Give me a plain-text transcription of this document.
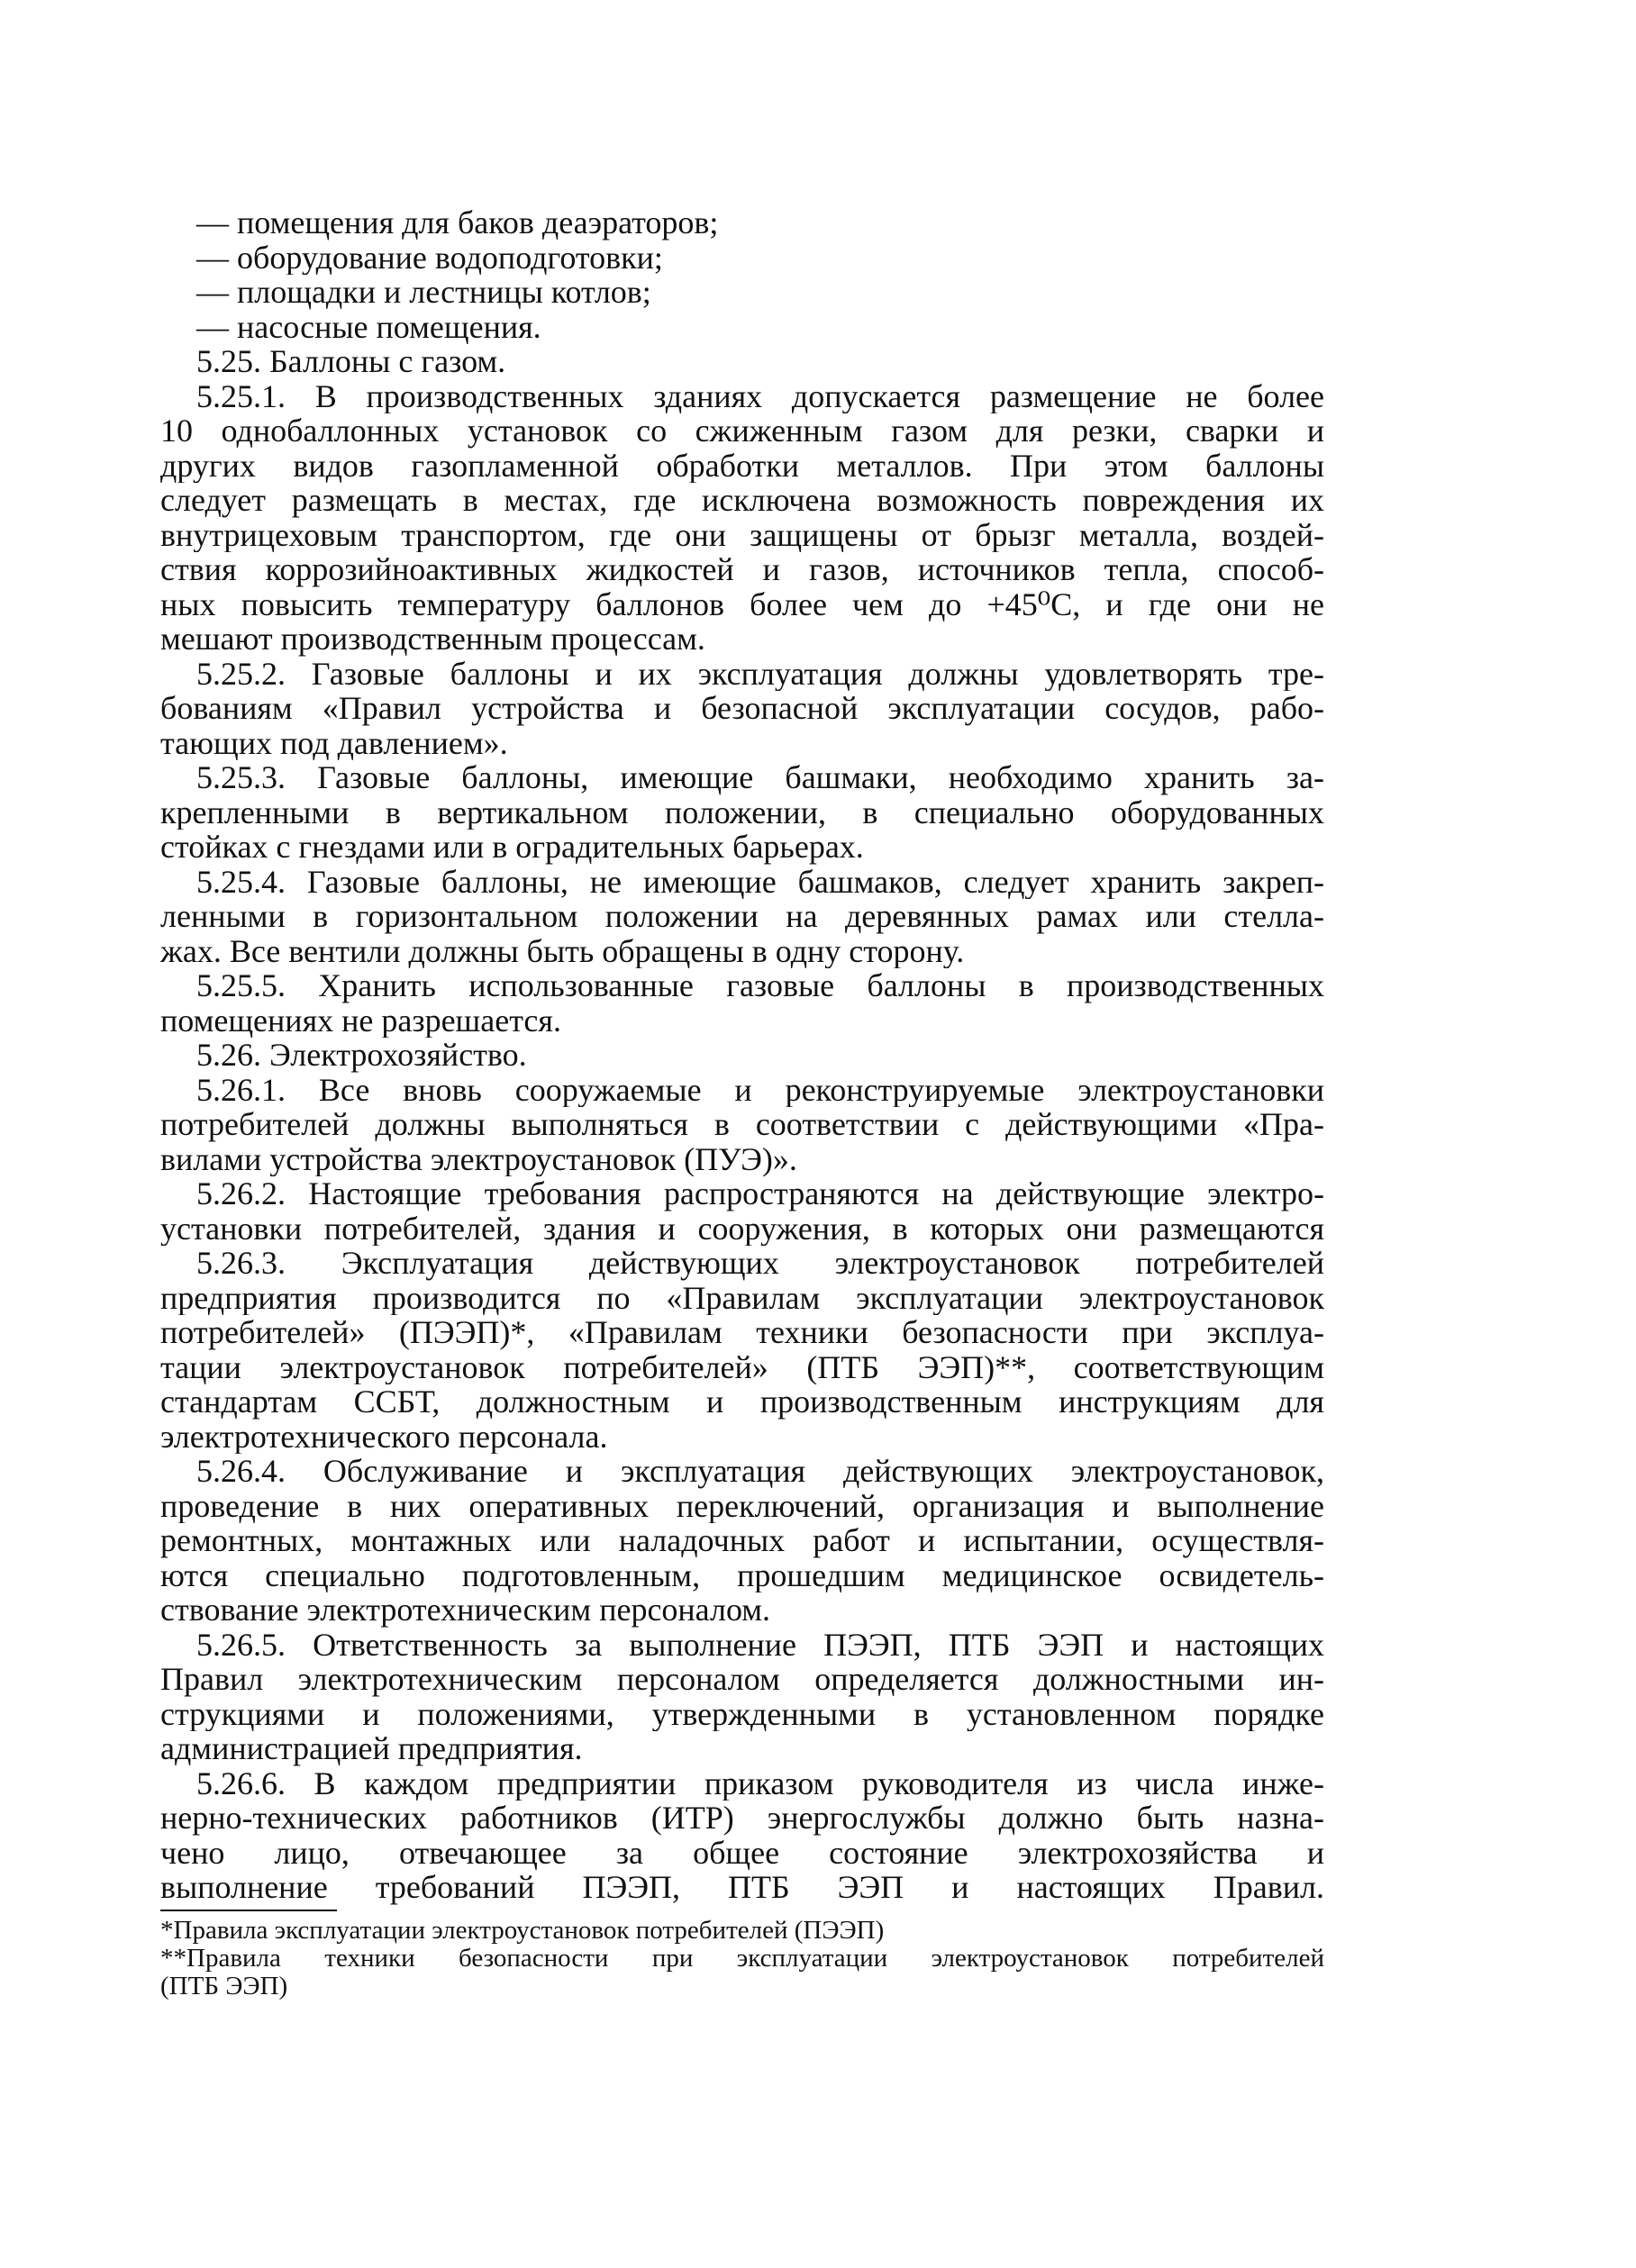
— помещения для баков деаэраторов;
— оборудование водоподготовки;
— площадки и лестницы котлов;
— насосные помещения.
5.25. Баллоны с газом.
5.25.1. В производственных зданиях допускается размещение не более
10 однобаллонных установок со сжиженным газом для резки, сварки и
других видов газопламенной обработки металлов. При этом баллоны
следует размещать в местах, где исключена возможность повреждения их
внутрицеховым транспортом, где они защищены от брызг металла, воздей-
ствия коррозийноактивных жидкостей и газов, источников тепла, способ-
ных повысить температуру баллонов более чем до +45⁰С, и где они не
мешают производственным процессам.
5.25.2. Газовые баллоны и их эксплуатация должны удовлетворять тре-
бованиям «Правил устройства и безопасной эксплуатации сосудов, рабо-
тающих под давлением».
5.25.3. Газовые баллоны, имеющие башмаки, необходимо хранить за-
крепленными в вертикальном положении, в специально оборудованных
стойках с гнездами или в оградительных барьерах.
5.25.4. Газовые баллоны, не имеющие башмаков, следует хранить закреп-
ленными в горизонтальном положении на деревянных рамах или стелла-
жах. Все вентили должны быть обращены в одну сторону.
5.25.5. Хранить использованные газовые баллоны в производственных
помещениях не разрешается.
5.26. Электрохозяйство.
5.26.1. Все вновь сооружаемые и реконструируемые электроустановки
потребителей должны выполняться в соответствии с действующими «Пра-
вилами устройства электроустановок (ПУЭ)».
5.26.2. Настоящие требования распространяются на действующие электро-
установки потребителей, здания и сооружения, в которых они размещаются
5.26.3. Эксплуатация действующих электроустановок потребителей
предприятия производится по «Правилам эксплуатации электроустановок
потребителей» (ПЭЭП)*, «Правилам техники безопасности при эксплуа-
тации электроустановок потребителей» (ПТБ ЭЭП)**, соответствующим
стандартам ССБТ, должностным и производственным инструкциям для
электротехнического персонала.
5.26.4. Обслуживание и эксплуатация действующих электроустановок,
проведение в них оперативных переключений, организация и выполнение
ремонтных, монтажных или наладочных работ и испытании, осуществля-
ются специально подготовленным, прошедшим медицинское освидетель-
ствование электротехническим персоналом.
5.26.5. Ответственность за выполнение ПЭЭП, ПТБ ЭЭП и настоящих
Правил электротехническим персоналом определяется должностными ин-
струкциями и положениями, утвержденными в установленном порядке
администрацией предприятия.
5.26.6. В каждом предприятии приказом руководителя из числа инже-
нерно-технических работников (ИТР) энергослужбы должно быть назна-
чено лицо, отвечающее за общее состояние электрохозяйства и
выполнение требований ПЭЭП, ПТБ ЭЭП и настоящих Правил.
*Правила эксплуатации электроустановок потребителей (ПЭЭП)
**Правила техники безопасности при эксплуатации электроустановок потребителей
(ПТБ ЭЭП)
